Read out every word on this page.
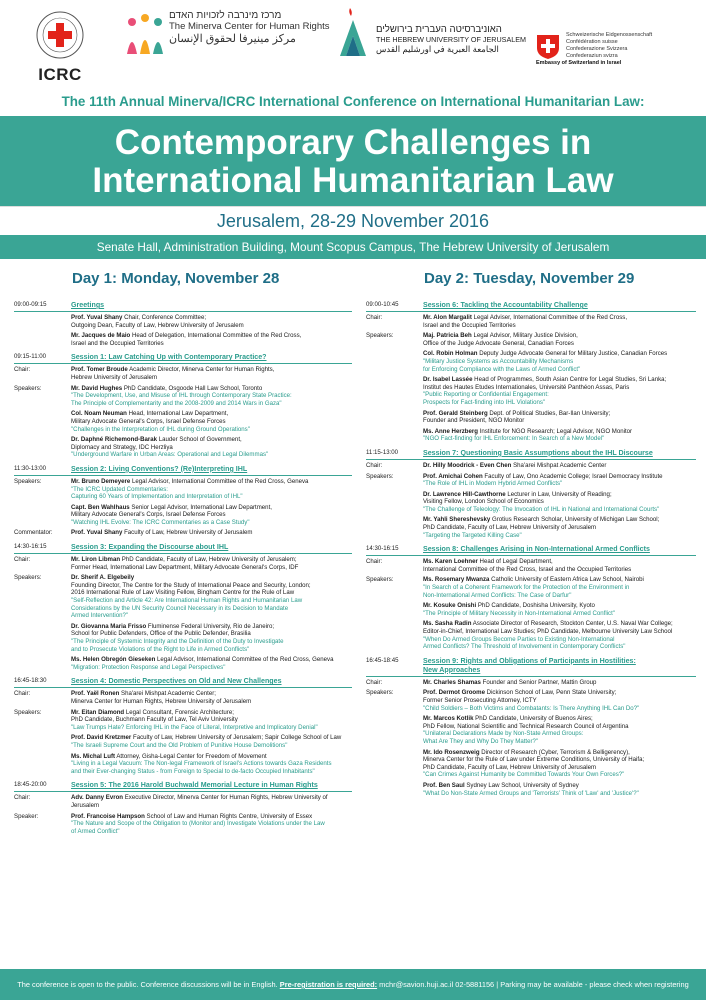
ICRC
מרכז מינרבה לזכויות האדם
The Minerva Center for Human Rights
مركز مينيرفا لحقوق الإنسان
האוניברסיטה העברית בירושלים
THE HEBREW UNIVERSITY OF JERUSALEM
الجامعة العبرية في اورشليم القدس
Schweizerische Eidgenossenschaft
Confédération suisse
Confederazione Svizzera
Confederaziun svizra
Embassy of Switzerland in Israel
The 11th Annual Minerva/ICRC International Conference on International Humanitarian Law:
Contemporary Challenges in
International Humanitarian Law
Jerusalem, 28-29 November 2016
Senate Hall, Administration Building, Mount Scopus Campus, The Hebrew University of Jerusalem
Day 1: Monday, November 28
09:00-09:15	Greetings
Prof. Yuval Shany Chair, Conference Committee;
Outgoing Dean, Faculty of Law, Hebrew University of Jerusalem
Mr. Jacques de Maio Head of Delegation, International Committee of the Red Cross,
Israel and the Occupied Territories
09:15-11:00	Session 1: Law Catching Up with Contemporary Practice?
Chair:	Prof. Tomer Broude Academic Director, Minerva Center for Human Rights,
Hebrew University of Jerusalem
Speakers:	Mr. David Hughes PhD Candidate, Osgoode Hall Law School, Toronto
"The Development, Use, and Misuse of IHL through Contemporary State Practice:
The Principle of Complementarity and the 2008-2009 and 2014 Wars in Gaza"
Col. Noam Neuman Head, International Law Department,
Military Advocate General's Corps, Israel Defense Forces
"Challenges in the Interpretation of IHL during Ground Operations"
Dr. Daphné Richemond-Barak Lauder School of Government,
Diplomacy and Strategy, IDC Herzliya
"Underground Warfare in Urban Areas: Operational and Legal Dilemmas"
11:30-13:00	Session 2: Living Conventions? (Re)Interpreting IHL
Speakers:	Mr. Bruno Demeyere Legal Advisor, International Committee of the Red Cross, Geneva
"The ICRC Updated Commentaries:
Capturing 60 Years of Implementation and Interpretation of IHL"
Capt. Ben Wahlhaus Senior Legal Advisor, International Law Department,
Military Advocate General's Corps, Israel Defense Forces
"Watching IHL Evolve: The ICRC Commentaries as a Case Study"
Commentator:	Prof. Yuval Shany Faculty of Law, Hebrew University of Jerusalem
14:30-16:15	Session 3: Expanding the Discourse about IHL
Chair:	Mr. Liron Libman PhD Candidate, Faculty of Law, Hebrew University of Jerusalem;
Former Head, International Law Department, Military Advocate General's Corps, IDF
Speakers:	Dr. Sherif A. Elgebeily
Founding Director, The Centre for the Study of International Peace and Security, London;
2016 International Rule of Law Visiting Fellow, Bingham Centre for the Rule of Law
"Self-Reflection and Article 42: Are International Human Rights and Humanitarian Law
Considerations by the UN Security Council Necessary in its Decision to Mandate
Armed Intervention?"
Dr. Giovanna Maria Frisso Fluminense Federal University, Rio de Janeiro;
School for Public Defenders, Office of the Public Defender, Brasilia
"The Principle of Systemic Integrity and the Definition of the Duty to Investigate
and to Prosecute Violations of the Right to Life in Armed Conflicts"
Ms. Helen Obregón Gieseken Legal Advisor, International Committee of the Red Cross, Geneva
"Migration: Protection Response and Legal Perspectives"
16:45-18:30	Session 4: Domestic Perspectives on Old and New Challenges
Chair:	Prof. Yaël Ronen Sha'arei Mishpat Academic Center;
Minerva Center for Human Rights, Hebrew University of Jerusalem
Speakers:	Mr. Eitan Diamond Legal Consultant, Forensic Architecture;
PhD Candidate, Buchmann Faculty of Law, Tel Aviv University
"Law Trumps Hate? Enforcing IHL in the Face of Literal, Interpretive and Implicatory Denial"
Prof. David Kretzmer Faculty of Law, Hebrew University of Jerusalem; Sapir College School of Law
"The Israeli Supreme Court and the Old Problem of Punitive House Demolitions"
Ms. Michal Luft Attorney, Gisha-Legal Center for Freedom of Movement
"Living in a Legal Vacuum: The Non-legal Framework of Israel's Actions towards Gaza Residents
and their Ever-changing Status - from Foreign to Special to de-facto Occupied Inhabitants"
18:45-20:00	Session 5: The 2016 Harold Buchwald Memorial Lecture in Human Rights
Chair:	Adv. Danny Evron Executive Director, Minerva Center for Human Rights, Hebrew University of Jerusalem
Speaker:	Prof. Francoise Hampson School of Law and Human Rights Centre, University of Essex
"The Nature and Scope of the Obligation to (Monitor and) Investigate Violations under the Law
of Armed Conflict"
Day 2: Tuesday, November 29
09:00-10:45	Session 6: Tackling the Accountability Challenge
Chair:	Mr. Alon Margalit Legal Adviser, International Committee of the Red Cross,
Israel and the Occupied Territories
Speakers:	Maj. Patricia Beh Legal Advisor, Military Justice Division,
Office of the Judge Advocate General, Canadian Forces
Col. Robin Holman Deputy Judge Advocate General for Military Justice, Canadian Forces
"Military Justice Systems as Accountability Mechanisms
for Enforcing Compliance with the Laws of Armed Conflict"
Dr. Isabel Lassée Head of Programmes, South Asian Centre for Legal Studies, Sri Lanka;
Institut des Hautes Etudes Internationales, Université Panthéon Assas, Paris
"Public Reporting or Confidential Engagement:
Prospects for Fact-finding into IHL Violations"
Prof. Gerald Steinberg Dept. of Political Studies, Bar-Ilan University;
Founder and President, NGO Monitor
Ms. Anne Herzberg Institute for NGO Research; Legal Advisor, NGO Monitor
"NGO Fact-finding for IHL Enforcement: In Search of a New Model"
11:15-13:00	Session 7: Questioning Basic Assumptions about the IHL Discourse
Chair:	Dr. Hilly Moodrick - Even Chen Sha'arei Mishpat Academic Center
Speakers:	Prof. Amichai Cohen Faculty of Law, Ono Academic College; Israel Democracy Institute
"The Role of IHL in Modern Hybrid Armed Conflicts"
Dr. Lawrence Hill-Cawthorne Lecturer in Law, University of Reading;
Visiting Fellow, London School of Economics
"The Challenge of Teleology: The Invocation of IHL in National and International Courts"
Mr. Yahli Shereshevsky Grotius Research Scholar, University of Michigan Law School;
PhD Candidate, Faculty of Law, Hebrew University of Jerusalem
"Targeting the Targeted Killing Case"
14:30-16:15	Session 8: Challenges Arising in Non-International Armed Conflicts
Chair:	Ms. Karen Loehner Head of Legal Department,
International Committee of the Red Cross, Israel and the Occupied Territories
Speakers:	Ms. Rosemary Mwanza Catholic University of Eastern Africa Law School, Nairobi
"In Search of a Coherent Framework for the Protection of the Environment in
Non-International Armed Conflicts: The Case of Darfur"
Mr. Kosuke Onishi PhD Candidate, Doshisha University, Kyoto
"The Principle of Military Necessity in Non-International Armed Conflict"
Ms. Sasha Radin Associate Director of Research, Stockton Center, U.S. Naval War College;
Editor-in-Chief, International Law Studies; PhD Candidate, Melbourne University Law School
"When Do Armed Groups Become Parties to Existing Non-International
Armed Conflicts? The Threshold of Involvement in Contemporary Conflicts"
16:45-18:45	Session 9: Rights and Obligations of Participants in Hostilities:
New Approaches
Chair:	Mr. Charles Shamas Founder and Senior Partner, Mattin Group
Speakers:	Prof. Dermot Groome Dickinson School of Law, Penn State University;
Former Senior Prosecuting Attorney, ICTY
"Child Soldiers – Both Victims and Combatants: Is There Anything IHL Can Do?"
Mr. Marcos Kotlik PhD Candidate, University of Buenos Aires;
PhD Fellow, National Scientific and Technical Research Council of Argentina
"Unilateral Declarations Made by Non-State Armed Groups:
What Are They and Why Do They Matter?"
Mr. Ido Rosenzweig Director of Research (Cyber, Terrorism & Belligerency),
Minerva Center for the Rule of Law under Extreme Conditions, University of Haifa;
PhD Candidate, Faculty of Law, Hebrew University of Jerusalem
"Can Crimes Against Humanity be Committed Towards Your Own Forces?"
Prof. Ben Saul Sydney Law School, University of Sydney
"What Do Non-State Armed Groups and 'Terrorists' Think of 'Law' and 'Justice'?"
The conference is open to the public. Conference discussions will be in English. Pre-registration is required: mchr@savion.huji.ac.il 02-5881156 | Parking may be available - please check when registering
